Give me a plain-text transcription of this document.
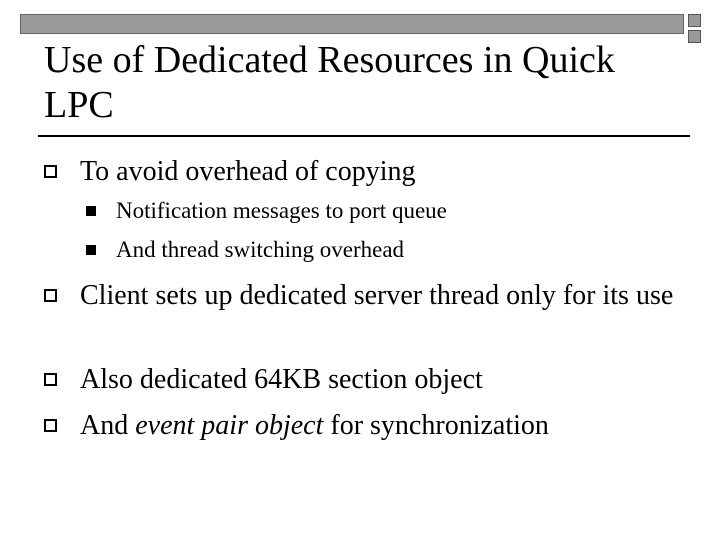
Use of Dedicated Resources in Quick LPC
To avoid overhead of copying
Notification messages to port queue
And thread switching overhead
Client sets up dedicated server thread only for its use
Also dedicated 64KB section object
And event pair object for synchronization
